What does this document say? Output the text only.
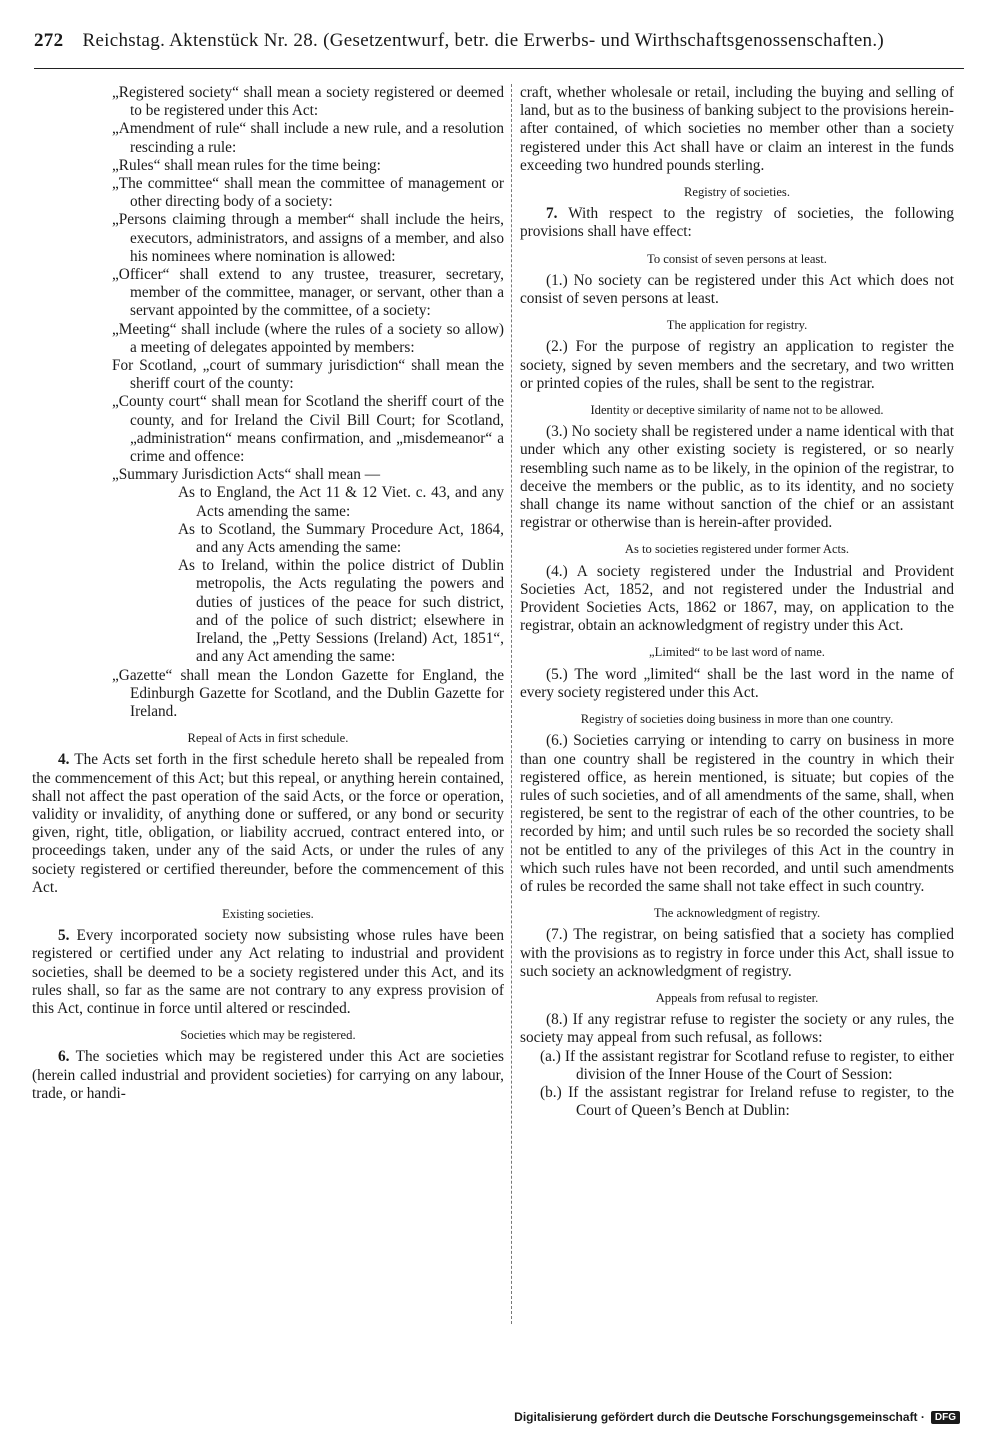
272 Reichstag. Aktenstück Nr. 28. (Gesetzentwurf, betr. die Erwerbs- und Wirthschaftsgenossenschaften.)

„Registered society“ shall mean a society registered or deemed to be registered under this Act:

„Amendment of rule“ shall include a new rule, and a resolution rescinding a rule:

„Rules“ shall mean rules for the time being:

„The committee“ shall mean the committee of management or other directing body of a society:

„Persons claiming through a member“ shall include the heirs, executors, administrators, and assigns of a member, and also his nominees where nomination is allowed:

„Officer“ shall extend to any trustee, treasurer, secretary, member of the committee, manager, or servant, other than a servant appointed by the committee, of a society:

„Meeting“ shall include (where the rules of a society so allow) a meeting of delegates appointed by members:

For Scotland, „court of summary jurisdiction“ shall mean the sheriff court of the county:

„County court“ shall mean for Scotland the sheriff court of the county, and for Ireland the Civil Bill Court; for Scotland, „administration“ means confirmation, and „misdemeanor“ a crime and offence:

„Summary Jurisdiction Acts“ shall mean —

As to England, the Act 11 & 12 Viet. c. 43, and any Acts amending the same:

As to Scotland, the Summary Procedure Act, 1864, and any Acts amending the same:

As to Ireland, within the police district of Dublin metropolis, the Acts regulating the powers and duties of justices of the peace for such district, and of the police of such district; elsewhere in Ireland, the „Petty Sessions (Ireland) Act, 1851“, and any Act amending the same:

„Gazette“ shall mean the London Gazette for England, the Edinburgh Gazette for Scotland, and the Dublin Gazette for Ireland.

Repeal of Acts in first schedule.

4. The Acts set forth in the first schedule hereto shall be repealed from the commencement of this Act; but this repeal, or anything herein contained, shall not affect the past operation of the said Acts, or the force or operation, validity or invalidity, of anything done or suffered, or any bond or security given, right, title, obligation, or liability accrued, contract entered into, or proceedings taken, under any of the said Acts, or under the rules of any society registered or certified thereunder, before the commencement of this Act.

Existing societies.

5. Every incorporated society now subsisting whose rules have been registered or certified under any Act relating to industrial and provident societies, shall be deemed to be a society registered under this Act, and its rules shall, so far as the same are not contrary to any express provision of this Act, continue in force until altered or rescinded.

Societies which may be registered.

6. The societies which may be registered under this Act are societies (herein called industrial and provident societies) for carrying on any labour, trade, or handi-

craft, whether wholesale or retail, including the buying and selling of land, but as to the business of banking subject to the provisions herein-after contained, of which societies no member other than a society registered under this Act shall have or claim an interest in the funds exceeding two hundred pounds sterling.

Registry of societies.

7. With respect to the registry of societies, the following provisions shall have effect:

To consist of seven persons at least.

(1.) No society can be registered under this Act which does not consist of seven persons at least.

The application for registry.

(2.) For the purpose of registry an application to register the society, signed by seven members and the secretary, and two written or printed copies of the rules, shall be sent to the registrar.

Identity or deceptive similarity of name not to be allowed.

(3.) No society shall be registered under a name identical with that under which any other existing society is registered, or so nearly resembling such name as to be likely, in the opinion of the registrar, to deceive the members or the public, as to its identity, and no society shall change its name without sanction of the chief or an assistant registrar or otherwise than is herein-after provided.

As to societies registered under former Acts.

(4.) A society registered under the Industrial and Provident Societies Act, 1852, and not registered under the Industrial and Provident Societies Acts, 1862 or 1867, may, on application to the registrar, obtain an acknowledgment of registry under this Act.

„Limited“ to be last word of name.

(5.) The word „limited“ shall be the last word in the name of every society registered under this Act.

Registry of societies doing business in more than one country.

(6.) Societies carrying or intending to carry on business in more than one country shall be registered in the country in which their registered office, as herein mentioned, is situate; but copies of the rules of such societies, and of all amendments of the same, shall, when registered, be sent to the registrar of each of the other countries, to be recorded by him; and until such rules be so recorded the society shall not be entitled to any of the privileges of this Act in the country in which such rules have not been recorded, and until such amendments of rules be recorded the same shall not take effect in such country.

The acknowledgment of registry.

(7.) The registrar, on being satisfied that a society has complied with the provisions as to registry in force under this Act, shall issue to such society an acknowledgment of registry.

Appeals from refusal to register.

(8.) If any registrar refuse to register the society or any rules, the society may appeal from such refusal, as follows:

(a.) If the assistant registrar for Scotland refuse to register, to either division of the Inner House of the Court of Session:

(b.) If the assistant registrar for Ireland refuse to register, to the Court of Queen’s Bench at Dublin:

Digitalisierung gefördert durch die Deutsche Forschungsgemeinschaft ·	DFG
